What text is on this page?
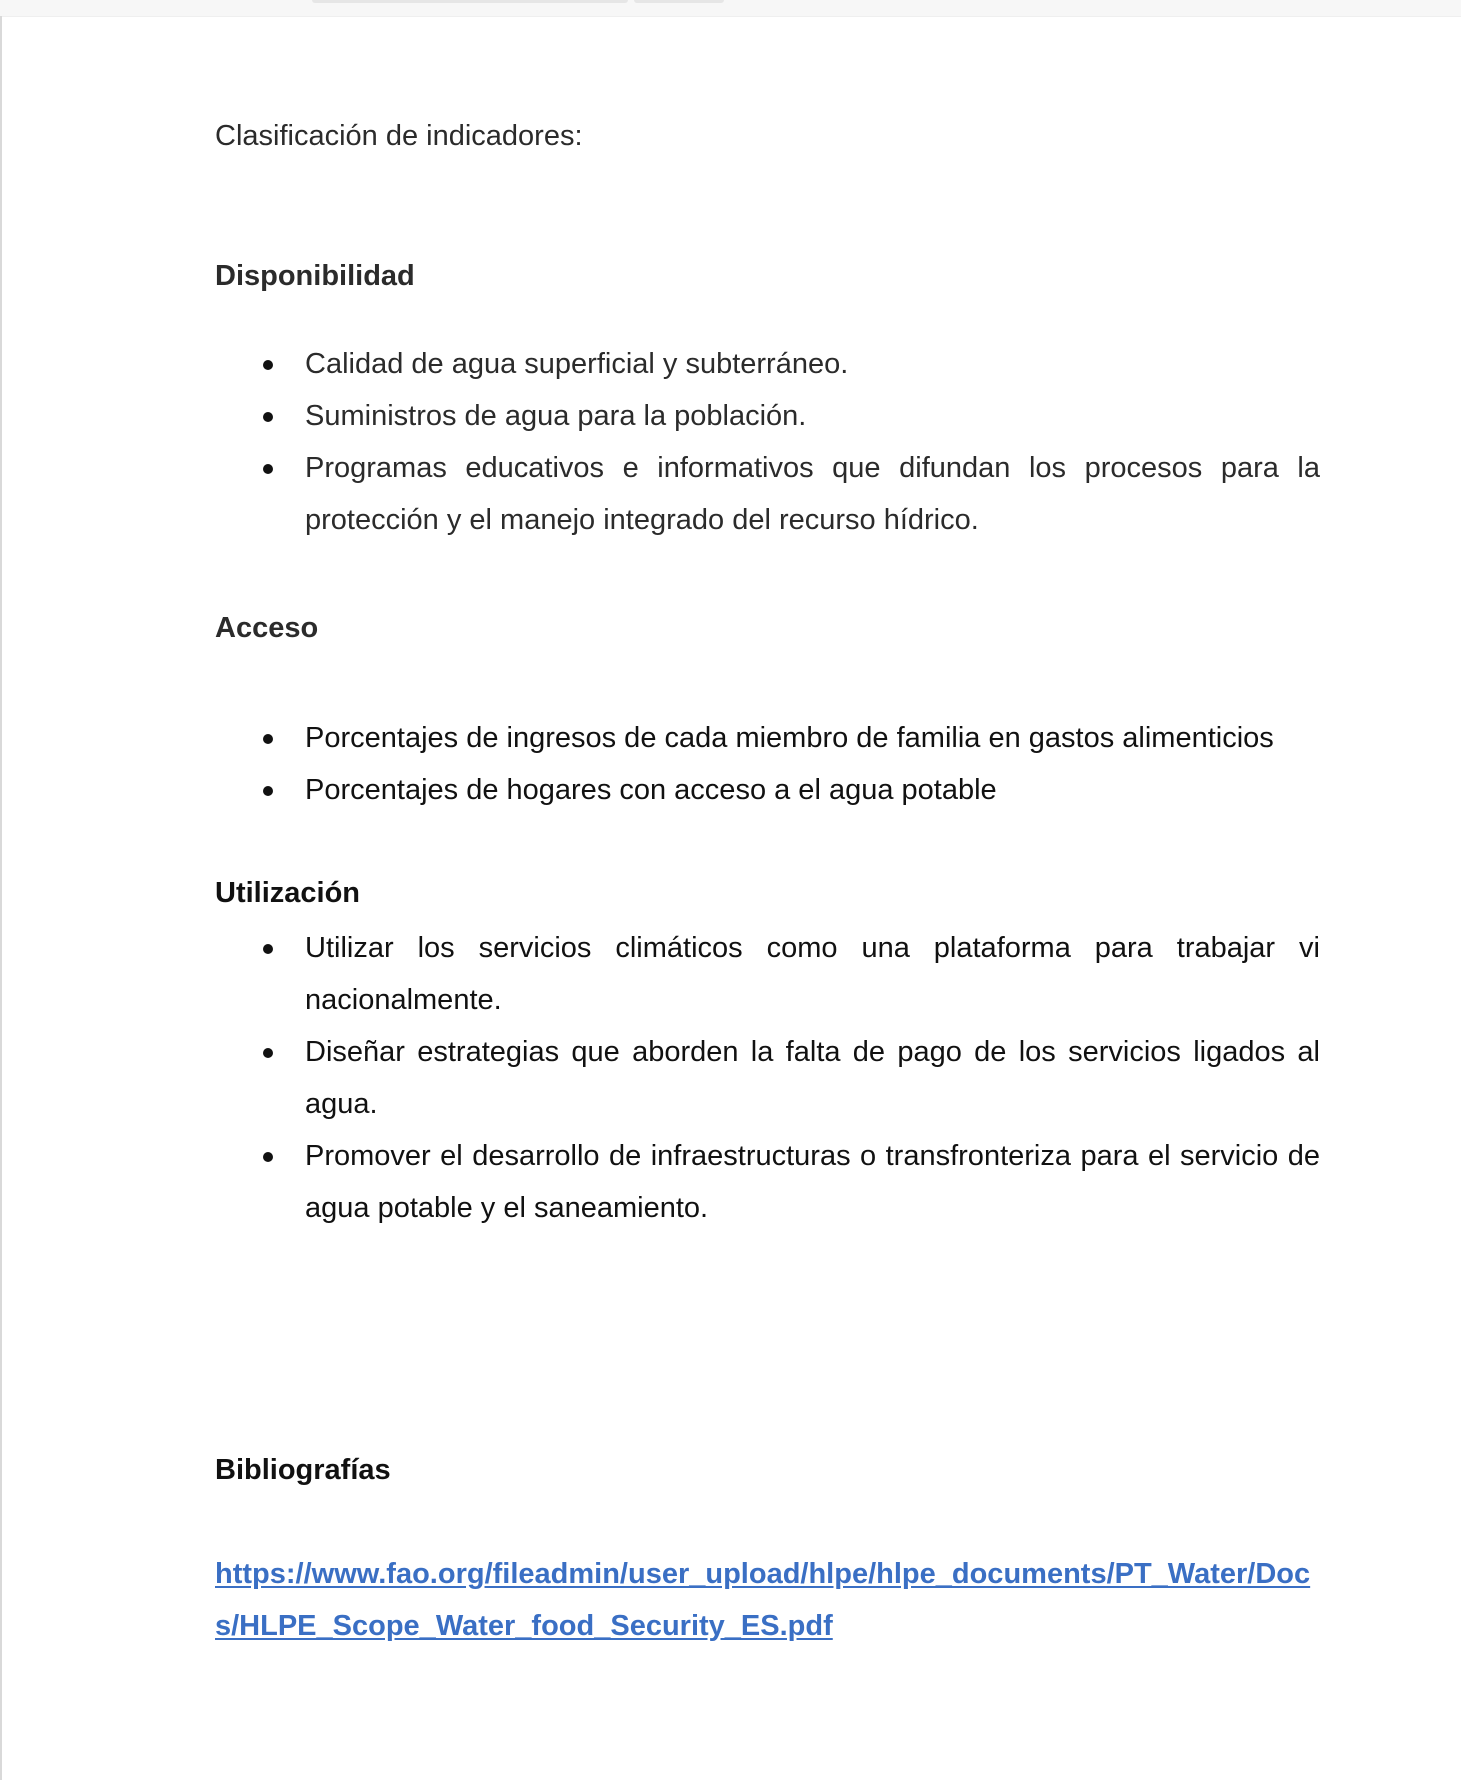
Clasificación de indicadores:
Disponibilidad
Calidad de agua superficial y subterráneo.
Suministros de agua para la población.
Programas educativos e informativos que difundan los procesos para la protección y el manejo integrado del recurso hídrico.
Acceso
Porcentajes de ingresos de cada miembro de familia en gastos alimenticios
Porcentajes de hogares con acceso a el agua potable
Utilización
Utilizar los servicios climáticos como una plataforma para trabajar vi nacionalmente.
Diseñar estrategias que aborden la falta de pago de los servicios ligados al agua.
Promover el desarrollo de infraestructuras o transfronteriza para el servicio de agua potable y el saneamiento.
Bibliografías
https://www.fao.org/fileadmin/user_upload/hlpe/hlpe_documents/PT_Water/Docs/HLPE_Scope_Water_food_Security_ES.pdf
